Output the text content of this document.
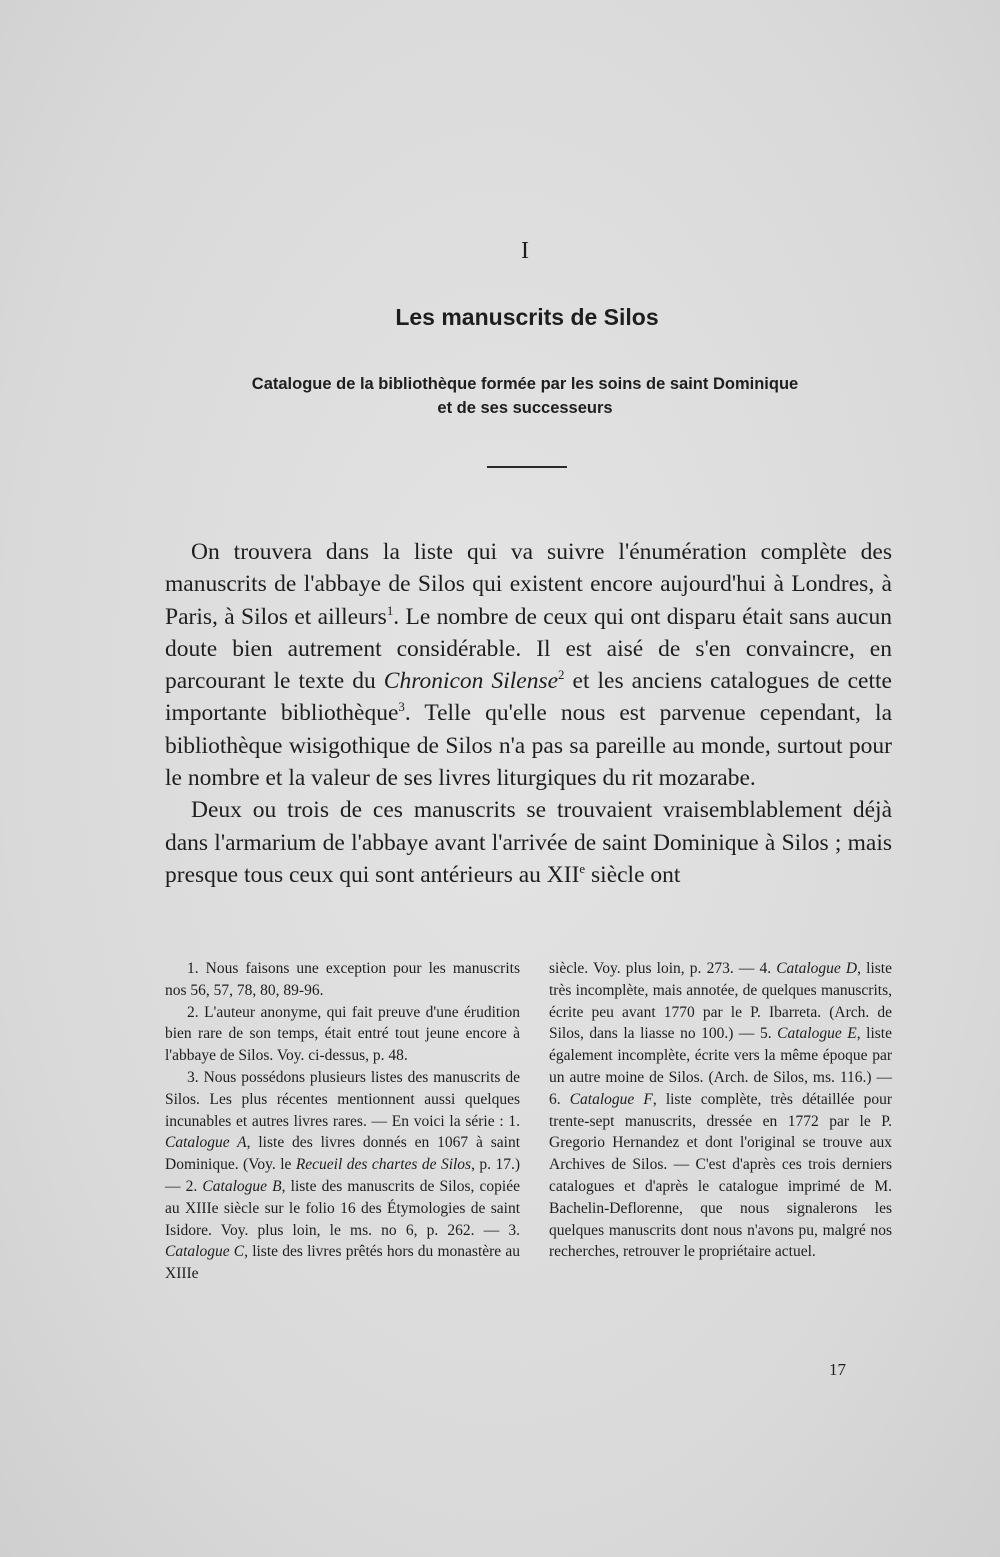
I
Les manuscrits de Silos
Catalogue de la bibliothèque formée par les soins de saint Dominique
et de ses successeurs

On trouvera dans la liste qui va suivre l'énumération complète des manuscrits de l'abbaye de Silos qui existent encore aujourd'hui à Londres, à Paris, à Silos et ailleurs$^1$. Le nombre de ceux qui ont disparu était sans aucun doute bien autrement considérable. Il est aisé de s'en convaincre, en parcourant le texte du Chronicon Silense$^2$ et les anciens catalogues de cette importante bibliothèque$^3$. Telle qu'elle nous est parvenue cependant, la bibliothèque wisigothique de Silos n'a pas sa pareille au monde, surtout pour le nombre et la valeur de ses livres liturgiques du rit mozarabe.

Deux ou trois de ces manuscrits se trouvaient vraisemblablement déjà dans l'armarium de l'abbaye avant l'arrivée de saint Dominique à Silos ; mais presque tous ceux qui sont antérieurs au XIIe siècle ont

1. Nous faisons une exception pour les manuscrits nos 56, 57, 78, 80, 89-96.

2. L'auteur anonyme, qui fait preuve d'une érudition bien rare de son temps, était entré tout jeune encore à l'abbaye de Silos. Voy. ci-dessus, p. 48.

3. Nous possédons plusieurs listes des manuscrits de Silos. Les plus récentes mentionnent aussi quelques incunables et autres livres rares. — En voici la série : 1. Catalogue A, liste des livres donnés en 1067 à saint Dominique. (Voy. le Recueil des chartes de Silos, p. 17.) — 2. Catalogue B, liste des manuscrits de Silos, copiée au XIIIe siècle sur le folio 16 des Étymologies de saint Isidore. Voy. plus loin, le ms. no 6, p. 262. — 3. Catalogue C, liste des livres prêtés hors du monastère au XIIIe

siècle. Voy. plus loin, p. 273. — 4. Catalogue D, liste très incomplète, mais annotée, de quelques manuscrits, écrite peu avant 1770 par le P. Ibarreta. (Arch. de Silos, dans la liasse no 100.) — 5. Catalogue E, liste également incomplète, écrite vers la même époque par un autre moine de Silos. (Arch. de Silos, ms. 116.) — 6. Catalogue F, liste complète, très détaillée pour trente-sept manuscrits, dressée en 1772 par le P. Gregorio Hernandez et dont l'original se trouve aux Archives de Silos. — C'est d'après ces trois derniers catalogues et d'après le catalogue imprimé de M. Bachelin-Deflorenne, que nous signalerons les quelques manuscrits dont nous n'avons pu, malgré nos recherches, retrouver le propriétaire actuel.

17
